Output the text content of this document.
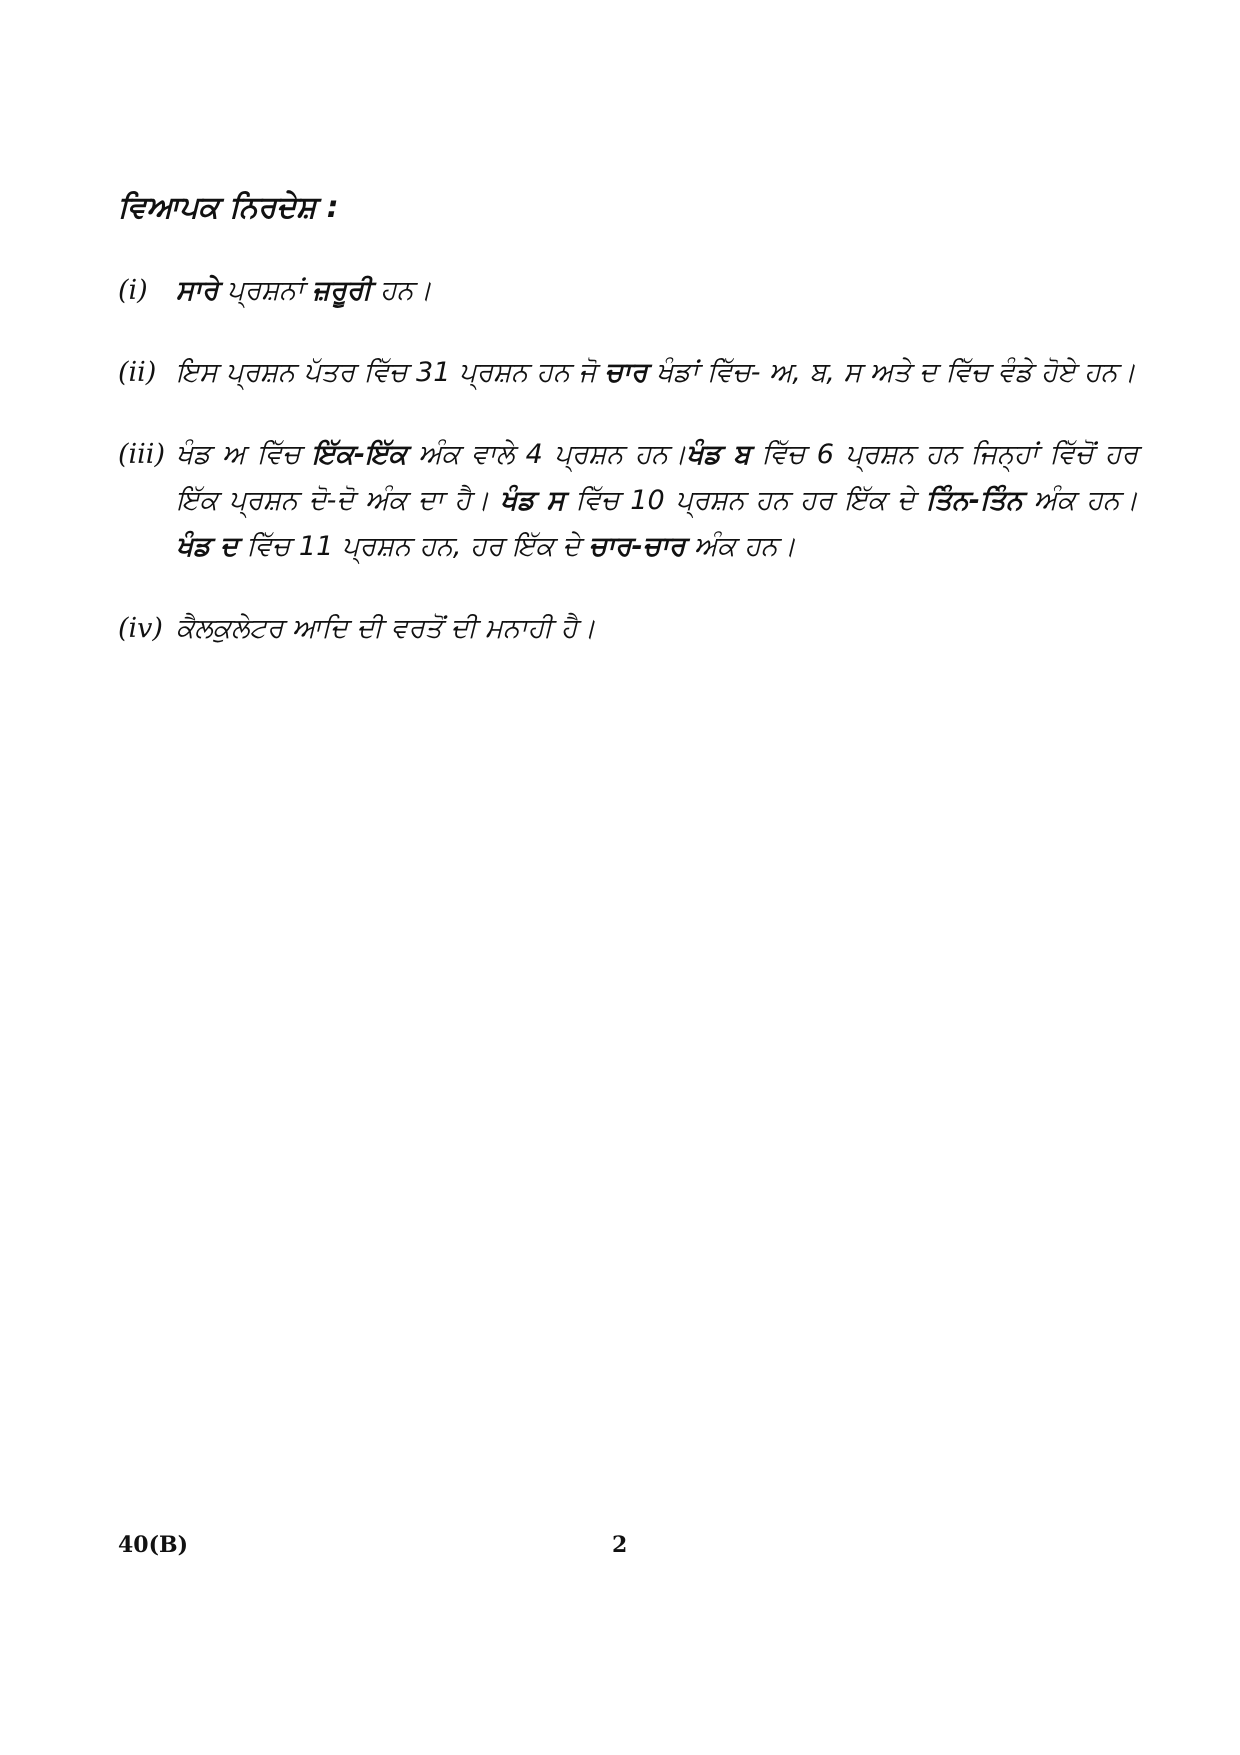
ਵਿਆਪਕ ਨਿਰਦੇਸ਼ :
(i)	ਸਾਰੇ ਪ੍ਰਸ਼ਨਾਂ ਜ਼ਰੂਰੀ ਹਨ।
(ii) ਇਸ ਪ੍ਰਸ਼ਨ ਪੱਤਰ ਵਿੱਚ 31 ਪ੍ਰਸ਼ਨ ਹਨ ਜੋ ਚਾਰ ਖੰਡਾਂ ਵਿੱਚ- ਅ, ਬ, ਸ ਅਤੇ ਦ ਵਿੱਚ ਵੰਡੇ ਹੋਏ ਹਨ।
(iii) ਖੰਡ ਅ ਵਿੱਚ ਇੱਕ-ਇੱਕ ਅੰਕ ਵਾਲੇ 4 ਪ੍ਰਸ਼ਨ ਹਨ।ਖੰਡ ਬ ਵਿੱਚ 6 ਪ੍ਰਸ਼ਨ ਹਨ ਜਿਨ੍ਹਾਂ ਵਿੱਚੋਂ ਹਰ ਇੱਕ ਪ੍ਰਸ਼ਨ ਦੋ-ਦੋ ਅੰਕ ਦਾ ਹੈ। ਖੰਡ ਸ ਵਿੱਚ 10 ਪ੍ਰਸ਼ਨ ਹਨ ਹਰ ਇੱਕ ਦੇ ਤਿੰਨ-ਤਿੰਨ ਅੰਕ ਹਨ। ਖੰਡ ਦ ਵਿੱਚ 11 ਪ੍ਰਸ਼ਨ ਹਨ, ਹਰ ਇੱਕ ਦੇ ਚਾਰ-ਚਾਰ ਅੰਕ ਹਨ।
(iv) ਕੈਲਕੁਲੇਟਰ ਆਦਿ ਦੀ ਵਰਤੋਂ ਦੀ ਮਨਾਹੀ ਹੈ।
40(B)	2
